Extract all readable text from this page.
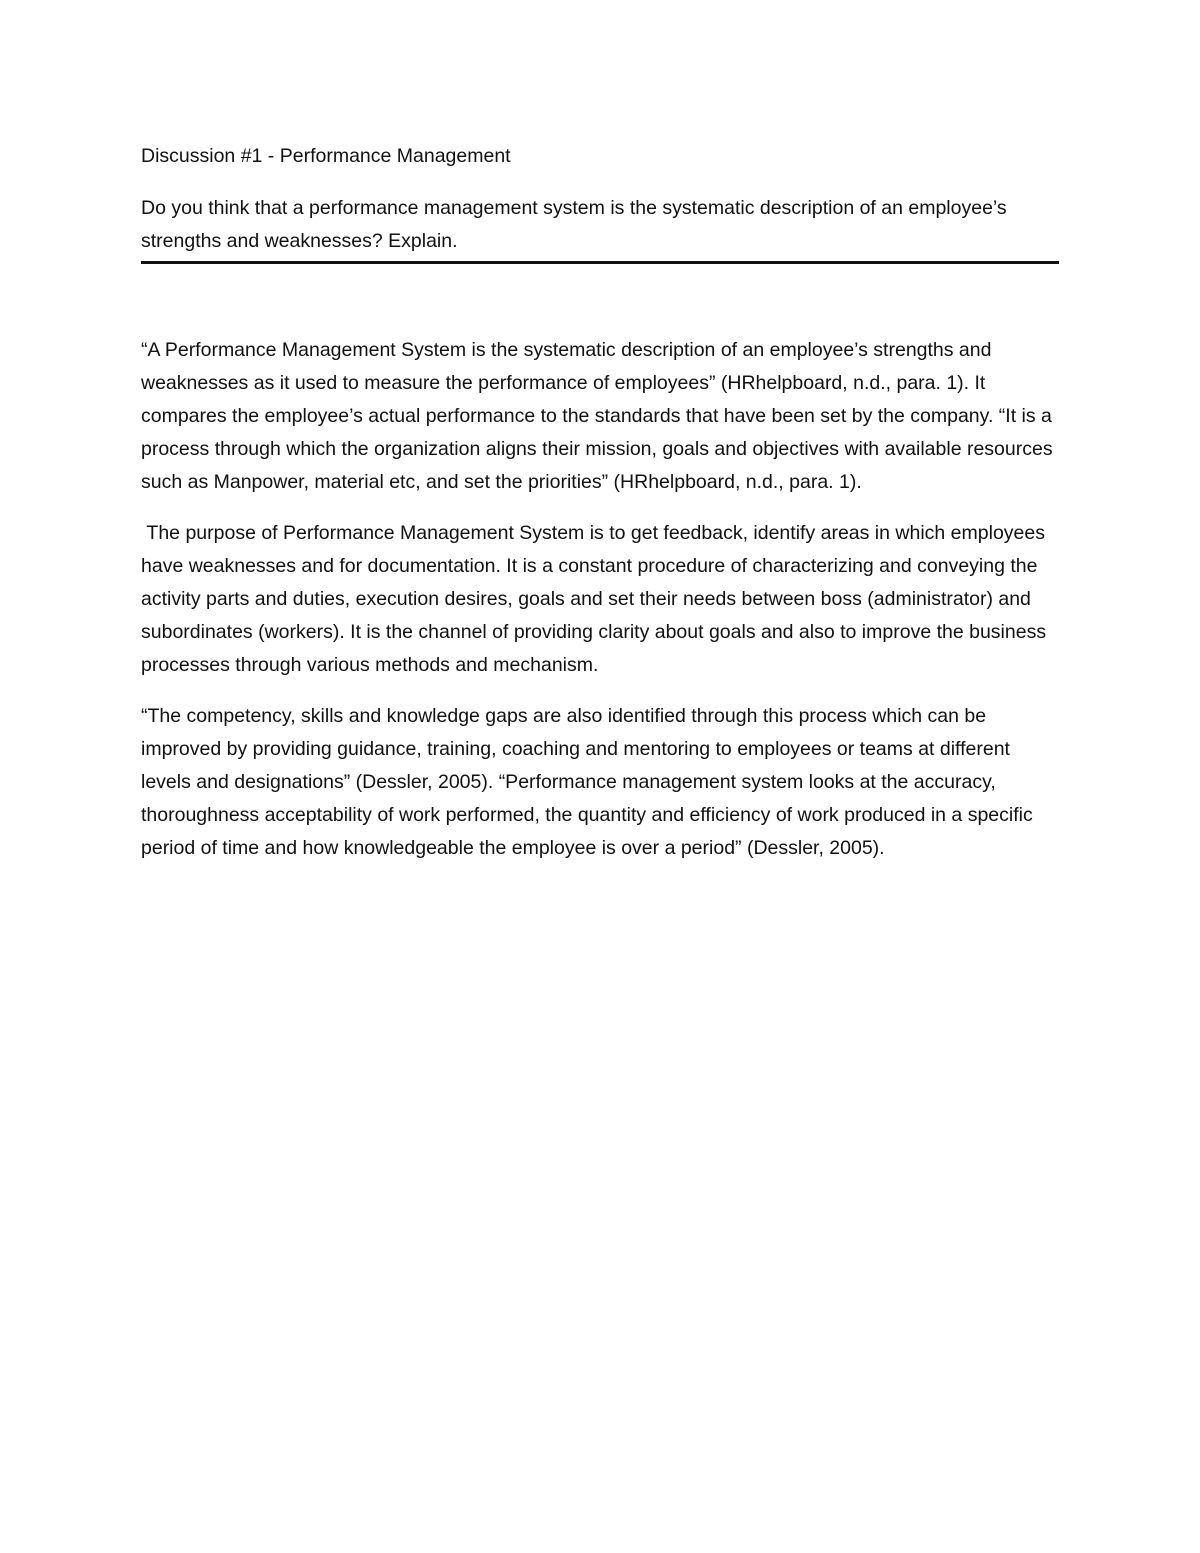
Discussion #1 - Performance Management
Do you think that a performance management system is the systematic description of an employee’s strengths and weaknesses? Explain.

“A Performance Management System is the systematic description of an employee’s strengths and weaknesses as it used to measure the performance of employees” (HRhelpboard, n.d., para. 1). It compares the employee’s actual performance to the standards that have been set by the company. “It is a process through which the organization aligns their mission, goals and objectives with available resources such as Manpower, material etc, and set the priorities” (HRhelpboard, n.d., para. 1).

The purpose of Performance Management System is to get feedback, identify areas in which employees have weaknesses and for documentation. It is a constant procedure of characterizing and conveying the activity parts and duties, execution desires, goals and set their needs between boss (administrator) and subordinates (workers). It is the channel of providing clarity about goals and also to improve the business processes through various methods and mechanism.

“The competency, skills and knowledge gaps are also identified through this process which can be improved by providing guidance, training, coaching and mentoring to employees or teams at different levels and designations” (Dessler, 2005). “Performance management system looks at the accuracy, thoroughness acceptability of work performed, the quantity and efficiency of work produced in a specific period of time and how knowledgeable the employee is over a period” (Dessler, 2005).
